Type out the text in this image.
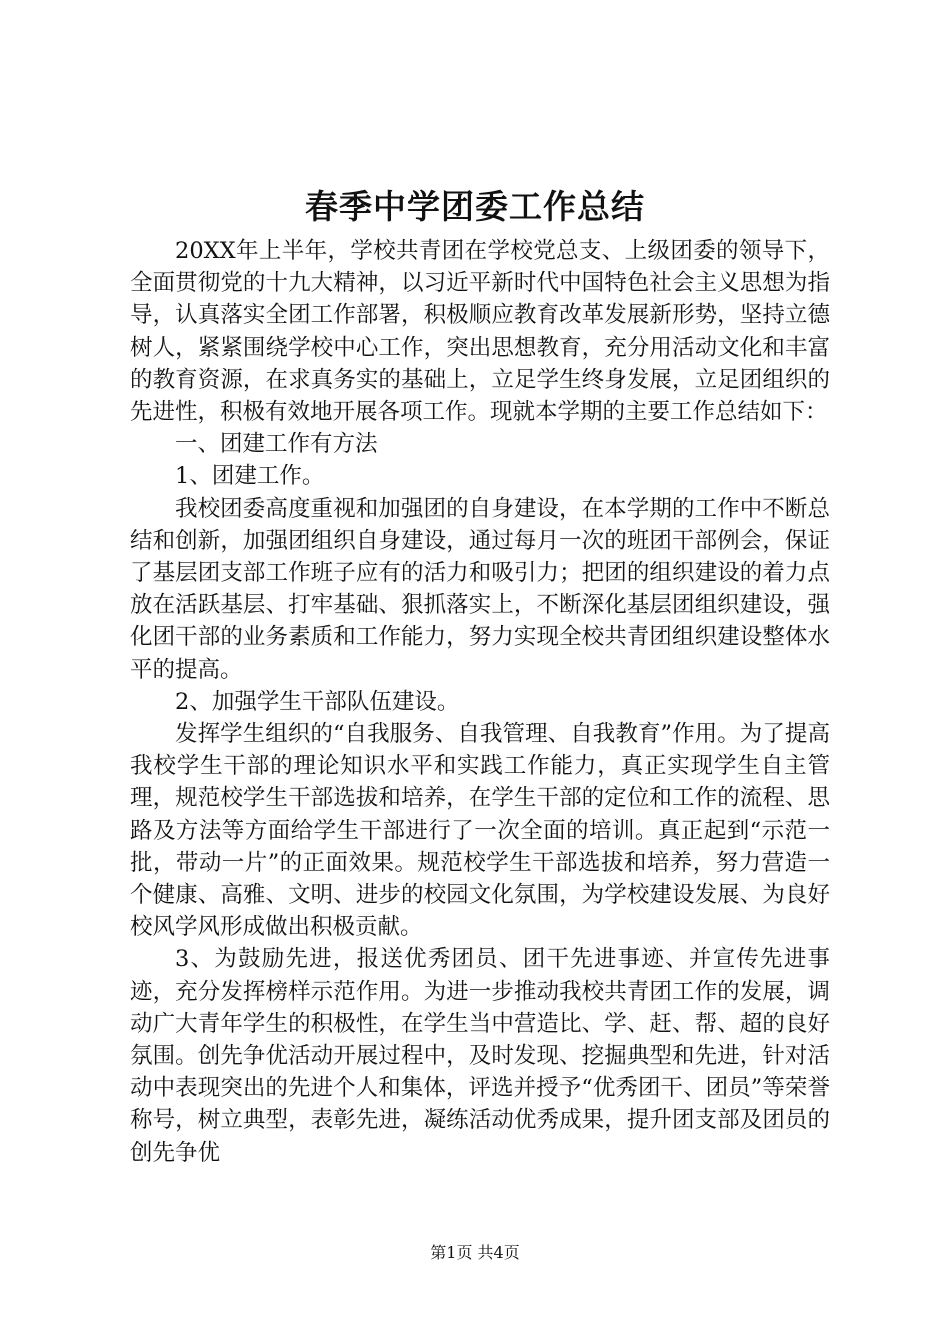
春季中学团委工作总结

20XX年上半年，学校共青团在学校党总支、上级团委的领导下，全面贯彻党的十九大精神，以习近平新时代中国特色社会主义思想为指导，认真落实全团工作部署，积极顺应教育改革发展新形势，坚持立德树人，紧紧围绕学校中心工作，突出思想教育，充分用活动文化和丰富的教育资源，在求真务实的基础上，立足学生终身发展，立足团组织的先进性，积极有效地开展各项工作。现就本学期的主要工作总结如下：

一、团建工作有方法

1、团建工作。

我校团委高度重视和加强团的自身建设，在本学期的工作中不断总结和创新，加强团组织自身建设，通过每月一次的班团干部例会，保证了基层团支部工作班子应有的活力和吸引力；把团的组织建设的着力点放在活跃基层、打牢基础、狠抓落实上，不断深化基层团组织建设，强化团干部的业务素质和工作能力，努力实现全校共青团组织建设整体水平的提高。

2、加强学生干部队伍建设。

发挥学生组织的“自我服务、自我管理、自我教育”作用。为了提高我校学生干部的理论知识水平和实践工作能力，真正实现学生自主管理，规范校学生干部选拔和培养，在学生干部的定位和工作的流程、思路及方法等方面给学生干部进行了一次全面的培训。真正起到“示范一批，带动一片”的正面效果。规范校学生干部选拔和培养，努力营造一个健康、高雅、文明、进步的校园文化氛围，为学校建设发展、为良好校风学风形成做出积极贡献。

3、为鼓励先进，报送优秀团员、团干先进事迹、并宣传先进事迹，充分发挥榜样示范作用。为进一步推动我校共青团工作的发展，调动广大青年学生的积极性，在学生当中营造比、学、赶、帮、超的良好氛围。创先争优活动开展过程中，及时发现、挖掘典型和先进，针对活动中表现突出的先进个人和集体，评选并授予“优秀团干、团员”等荣誉称号，树立典型，表彰先进，凝练活动优秀成果，提升团支部及团员的创先争优

第1页 共4页
